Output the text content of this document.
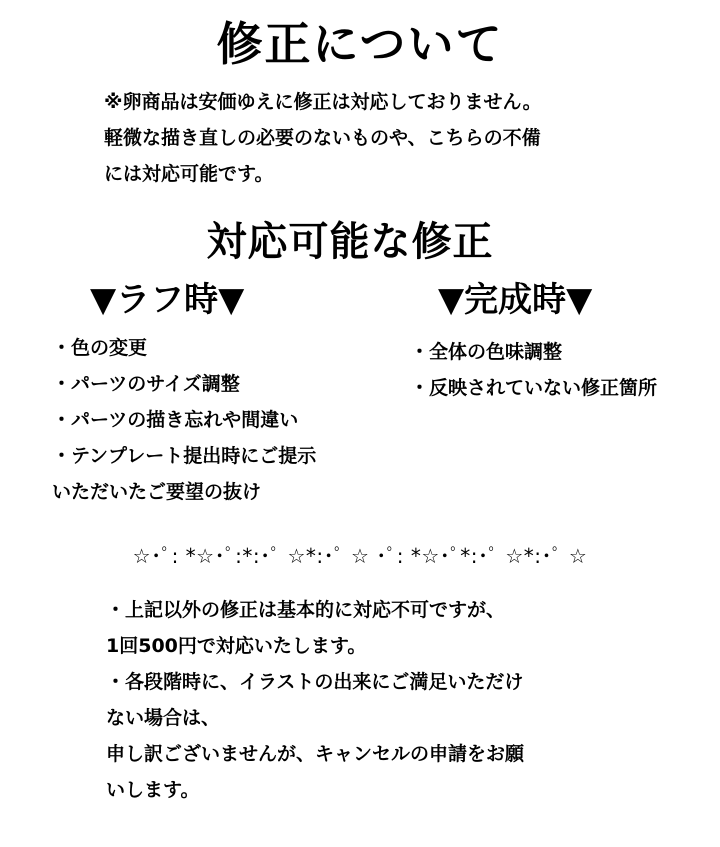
修正について
※卵商品は安価ゆえに修正は対応しておりません。
軽微な描き直しの必要のないものや、こちらの不備
には対応可能です。
対応可能な修正
▼ラフ時▼	▼完成時▼
・色の変更
・パーツのサイズ調整
・パーツの描き忘れや間違い
・テンプレート提出時にご提示
いただいたご要望の抜け
・全体の色味調整
・反映されていない修正箇所
☆･ﾟ: *☆･ﾟ:*:･ﾟ ☆*:･ﾟ ☆ ･ﾟ: *☆･ﾟ*:･ﾟ ☆*:･ﾟ ☆
・上記以外の修正は基本的に対応不可ですが、
1回500円で対応いたします。
・各段階時に、イラストの出来にご満足いただけ
ない場合は、
申し訳ございませんが、キャンセルの申請をお願
いします。
